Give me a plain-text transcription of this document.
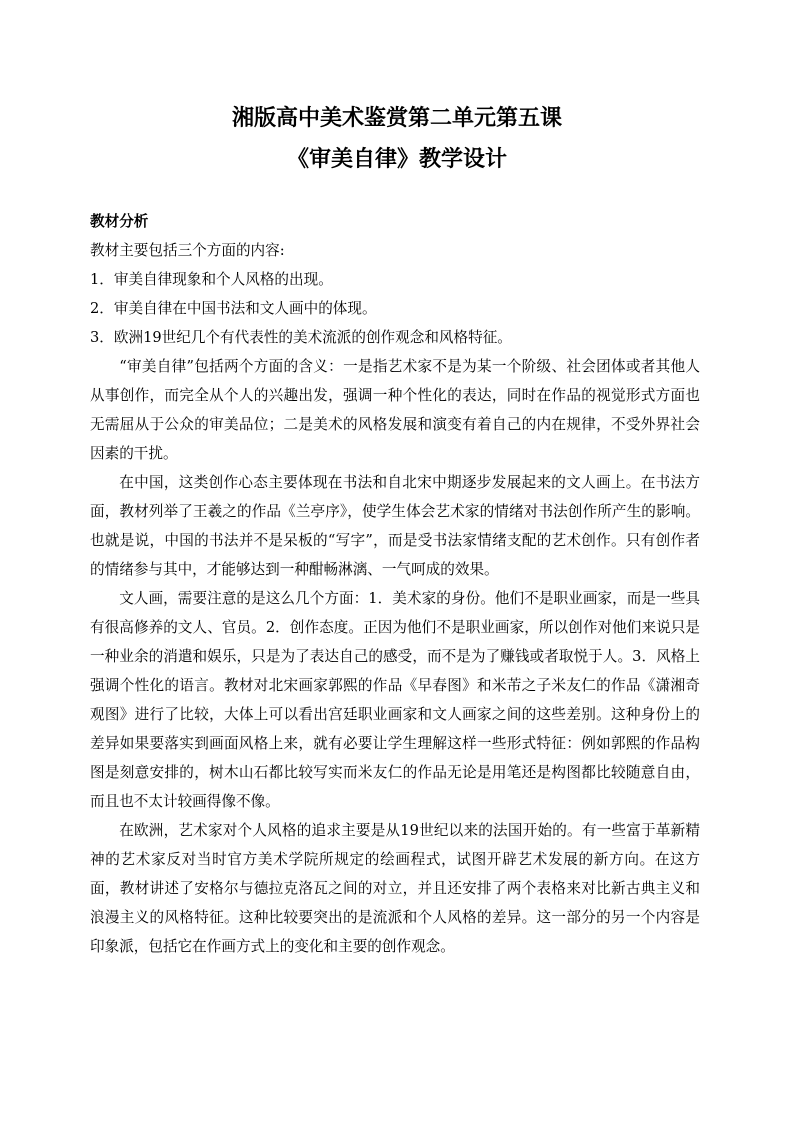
湘版高中美术鉴赏第二单元第五课
《审美自律》教学设计
教材分析
教材主要包括三个方面的内容:
1．审美自律现象和个人风格的出现。
2．审美自律在中国书法和文人画中的体现。
3．欧洲19世纪几个有代表性的美术流派的创作观念和风格特征。

“审美自律”包括两个方面的含义：一是指艺术家不是为某一个阶级、社会团体或者其他人从事创作，而完全从个人的兴趣出发，强调一种个性化的表达，同时在作品的视觉形式方面也无需屈从于公众的审美品位；二是美术的风格发展和演变有着自己的内在规律，不受外界社会因素的干扰。

在中国，这类创作心态主要体现在书法和自北宋中期逐步发展起来的文人画上。在书法方面，教材列举了王羲之的作品《兰亭序》，使学生体会艺术家的情绪对书法创作所产生的影响。也就是说，中国的书法并不是呆板的“写字”，而是受书法家情绪支配的艺术创作。只有创作者的情绪参与其中，才能够达到一种酣畅淋漓、一气呵成的效果。

文人画，需要注意的是这么几个方面：1．美术家的身份。他们不是职业画家，而是一些具有很高修养的文人、官员。2．创作态度。正因为他们不是职业画家，所以创作对他们来说只是一种业余的消遣和娱乐，只是为了表达自己的感受，而不是为了赚钱或者取悦于人。3．风格上强调个性化的语言。教材对北宋画家郭熙的作品《早春图》和米芾之子米友仁的作品《潇湘奇观图》进行了比较，大体上可以看出宫廷职业画家和文人画家之间的这些差别。这种身份上的差异如果要落实到画面风格上来，就有必要让学生理解这样一些形式特征：例如郭熙的作品构图是刻意安排的，树木山石都比较写实而米友仁的作品无论是用笔还是构图都比较随意自由，而且也不太计较画得像不像。

在欧洲，艺术家对个人风格的追求主要是从19世纪以来的法国开始的。有一些富于革新精神的艺术家反对当时官方美术学院所规定的绘画程式，试图开辟艺术发展的新方向。在这方面，教材讲述了安格尔与德拉克洛瓦之间的对立，并且还安排了两个表格来对比新古典主义和浪漫主义的风格特征。这种比较要突出的是流派和个人风格的差异。这一部分的另一个内容是印象派，包括它在作画方式上的变化和主要的创作观念。
